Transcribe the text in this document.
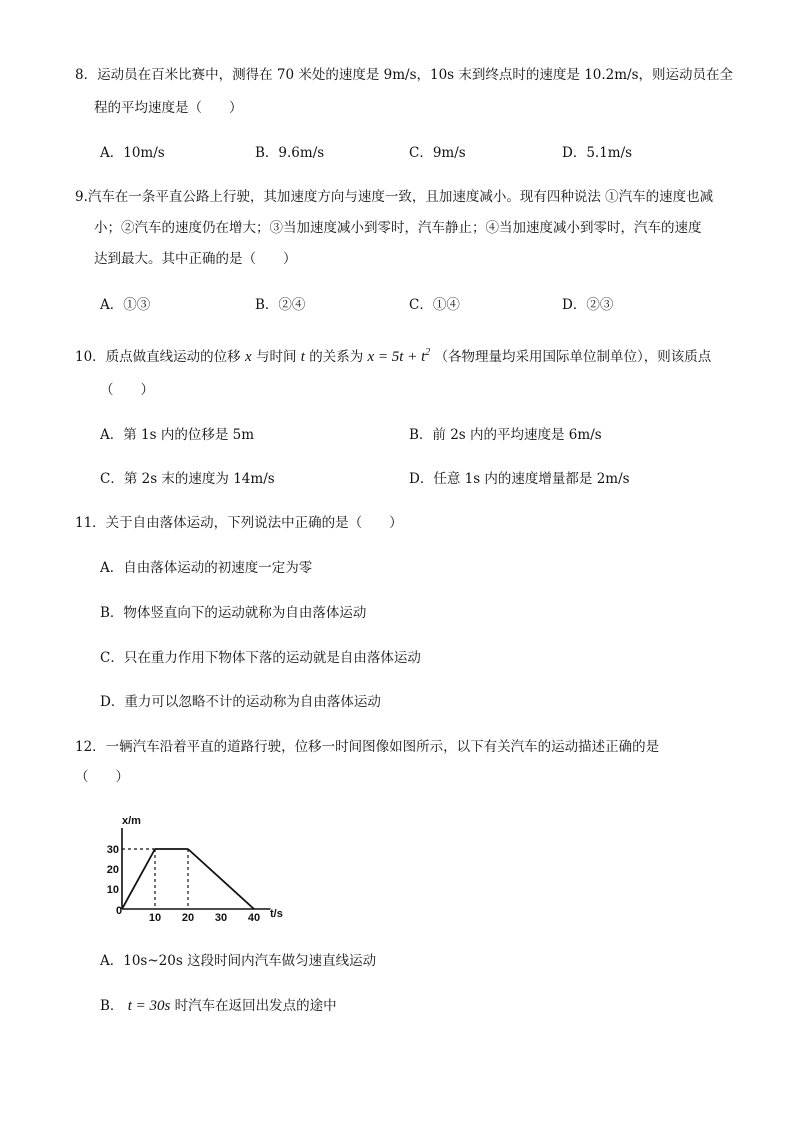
8．运动员在百米比赛中，测得在 70 米处的速度是 9m/s，10s 末到终点时的速度是 10.2m/s，则运动员在全
程的平均速度是（　　）
A．10m/s	B．9.6m/s	C．9m/s	D．5.1m/s
9.汽车在一条平直公路上行驶，其加速度方向与速度一致，且加速度减小。现有四种说法 ①汽车的速度也减
小；②汽车的速度仍在增大；③当加速度减小到零时，汽车静止；④当加速度减小到零时，汽车的速度
达到最大。其中正确的是（　　）
A．①③	B．②④	C．①④	D．②③
10．质点做直线运动的位移 x 与时间 t 的关系为 $x = 5t + t^2$ （各物理量均采用国际单位制单位），则该质点
（　　）
A．第 1s 内的位移是 5m	B．前 2s 内的平均速度是 6m/s
C．第 2s 末的速度为 14m/s	D．任意 1s 内的速度增量都是 2m/s
11．关于自由落体运动，下列说法中正确的是（　　）
A．自由落体运动的初速度一定为零
B．物体竖直向下的运动就称为自由落体运动
C．只在重力作用下物体下落的运动就是自由落体运动
D．重力可以忽略不计的运动称为自由落体运动
12．一辆汽车沿着平直的道路行驶，位移一时间图像如图所示，以下有关汽车的运动描述正确的是
（　　）
x/m
t/s
0
10
20
30
10 20 30 40
A．10s~20s 这段时间内汽车做匀速直线运动
B． t = 30s 时汽车在返回出发点的途中
